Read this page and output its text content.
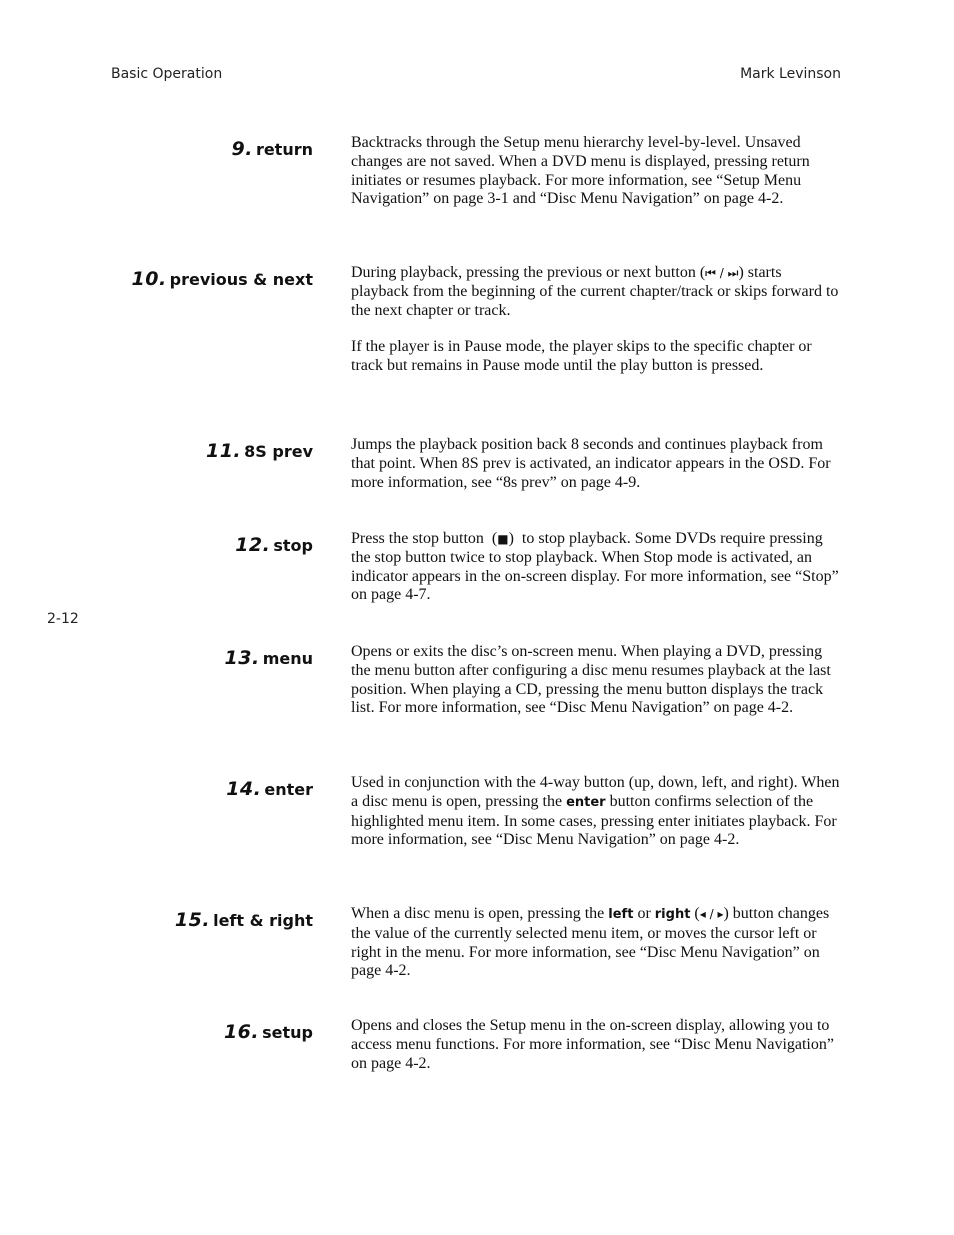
Basic Operation	Mark Levinson
9. return Backtracks through the Setup menu hierarchy level-by-level. Unsaved changes are not saved. When a DVD menu is displayed, pressing return initiates or resumes playback. For more information, see “Setup Menu Navigation” on page 3-1 and “Disc Menu Navigation” on page 4-2.

10. previous & next During playback, pressing the previous or next button (⏮ / ⏭) starts playback from the beginning of the current chapter/track or skips forward to the next chapter or track.

If the player is in Pause mode, the player skips to the specific chapter or track but remains in Pause mode until the play button is pressed.

11. 8S prev Jumps the playback position back 8 seconds and continues playback from that point. When 8S prev is activated, an indicator appears in the OSD. For more information, see “8s prev” on page 4-9.

12. stop Press the stop button  (■)  to stop playback. Some DVDs require pressing the stop button twice to stop playback. When Stop mode is activated, an indicator appears in the on-screen display. For more information, see “Stop” on page 4-7.

2-12
13. menu Opens or exits the disc’s on-screen menu. When playing a DVD, pressing the menu button after configuring a disc menu resumes playback at the last position. When playing a CD, pressing the menu button displays the track list. For more information, see “Disc Menu Navigation” on page 4-2.

14. enter Used in conjunction with the 4-way button (up, down, left, and right). When a disc menu is open, pressing the enter button confirms selection of the highlighted menu item. In some cases, pressing enter initiates playback. For more information, see “Disc Menu Navigation” on page 4-2.

15. left & right When a disc menu is open, pressing the left or right (◂ / ▸) button changes the value of the currently selected menu item, or moves the cursor left or right in the menu. For more information, see “Disc Menu Navigation” on page 4-2.

16. setup Opens and closes the Setup menu in the on-screen display, allowing you to access menu functions. For more information, see “Disc Menu Navigation” on page 4-2.
